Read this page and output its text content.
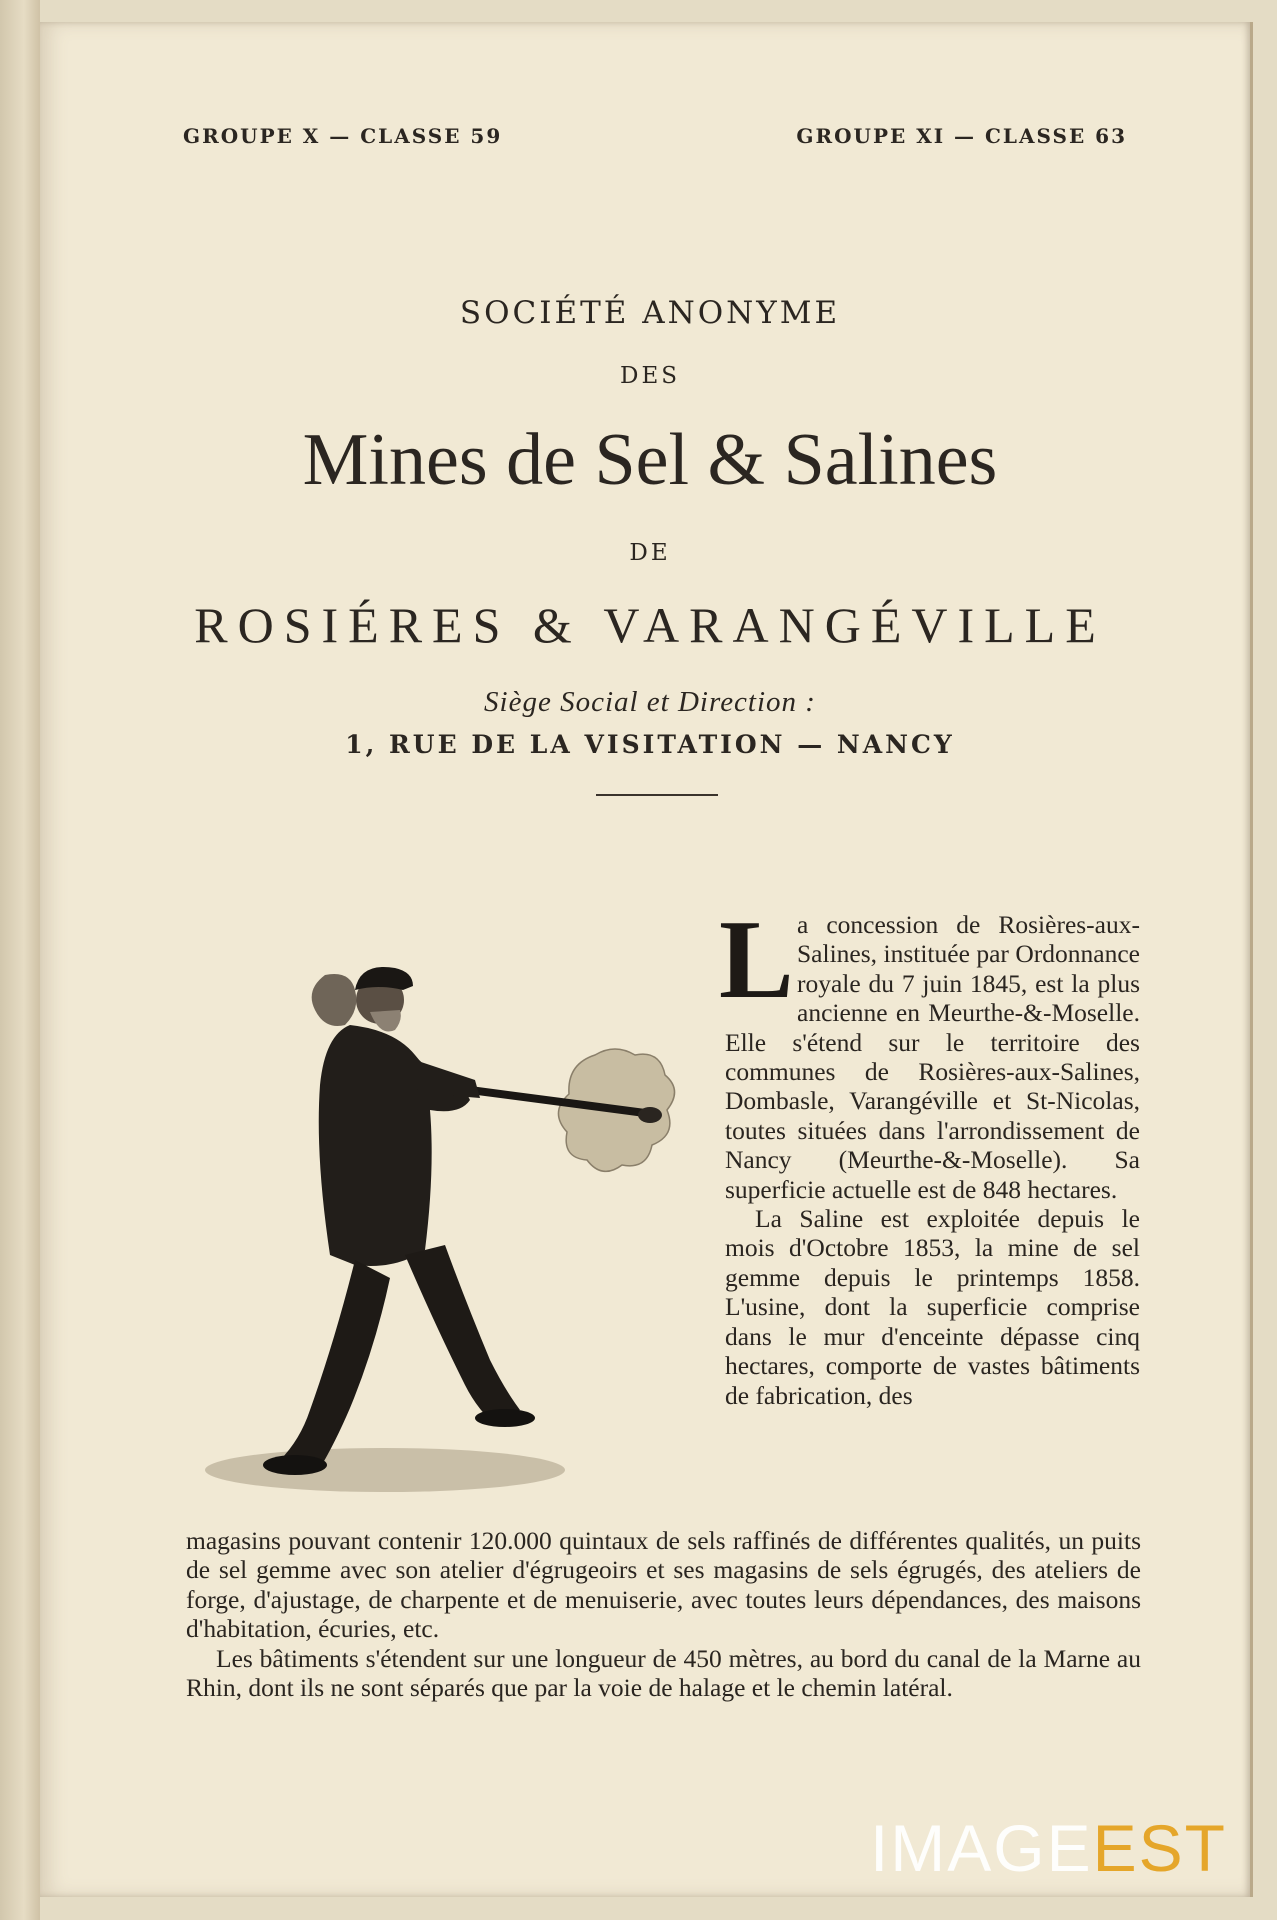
GROUPE X — CLASSE 59	GROUPE XI — CLASSE 63
SOCIÉTÉ ANONYME
DES
Mines de Sel & Salines
DE
ROSIÉRES & VARANGÉVILLE
Siège Social et Direction :
1, RUE DE LA VISITATION — NANCY
L a concession de Rosières-aux-Salines, instituée par Ordonnance royale du 7 juin 1845, est la plus ancienne en Meurthe-&-Moselle. Elle s'étend sur le territoire des communes de Rosières-aux-Salines, Dombasle, Varangéville et St-Nicolas, toutes situées dans l'arrondissement de Nancy (Meurthe-&-Moselle). Sa superficie actuelle est de 848 hectares.

La Saline est exploitée depuis le mois d'Octobre 1853, la mine de sel gemme depuis le printemps 1858. L'usine, dont la superficie comprise dans le mur d'enceinte dépasse cinq hectares, comporte de vastes bâtiments de fabrication, des

magasins pouvant contenir 120.000 quintaux de sels raffinés de différentes qualités, un puits de sel gemme avec son atelier d'égrugeoirs et ses magasins de sels égrugés, des ateliers de forge, d'ajustage, de charpente et de menuiserie, avec toutes leurs dépendances, des maisons d'habitation, écuries, etc.

Les bâtiments s'étendent sur une longueur de 450 mètres, au bord du canal de la Marne au Rhin, dont ils ne sont séparés que par la voie de halage et le chemin latéral.

IMAGEEST
